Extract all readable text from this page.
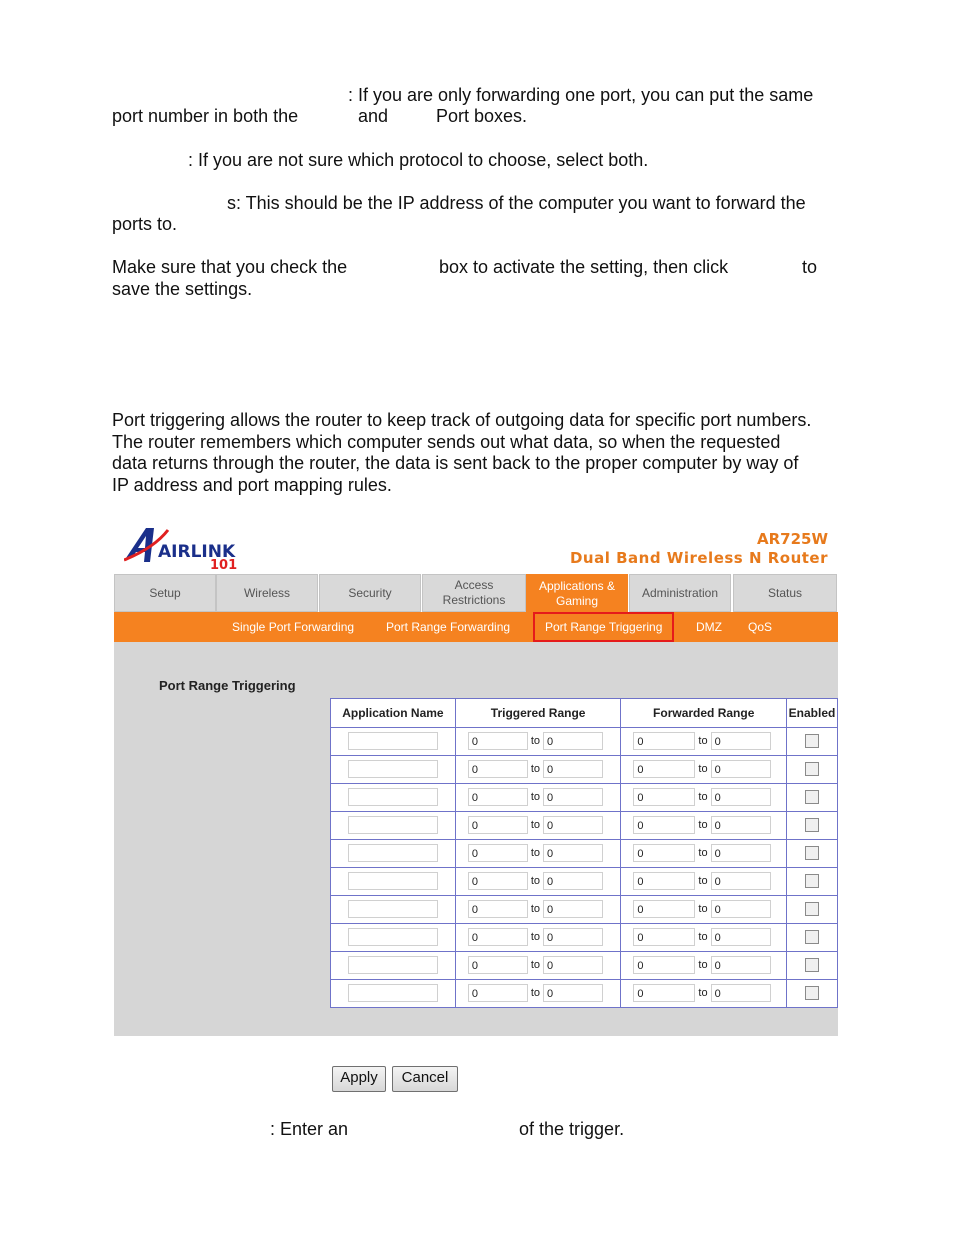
: If you are only forwarding one port, you can put the same
port number in both the	and	Port boxes.
: If you are not sure which protocol to choose, select both.
s: This should be the IP address of the computer you want to forward the
ports to.
Make sure that you check the	box to activate the setting, then click	to
save the settings.
Port triggering allows the router to keep track of outgoing data for specific port numbers.
The router remembers which computer sends out what data, so when the requested
data returns through the router, the data is sent back to the proper computer by way of
IP address and port mapping rules.
AIRLINK
101
AR725W
Dual Band Wireless N Router
Setup	Wireless	Security
Access Restrictions
Applications & Gaming
Administration	Status
Single Port Forwarding	Port Range Forwarding	Port Range Triggering	DMZ QoS
Port Range Triggering
Application Name	Triggered Range	Forwarded Range	Enabled
	0 to 0	0 to 0	
	0 to 0	0 to 0	
	0 to 0	0 to 0	
	0 to 0	0 to 0	
	0 to 0	0 to 0	
	0 to 0	0 to 0	
	0 to 0	0 to 0	
	0 to 0	0 to 0	
	0 to 0	0 to 0	
	0 to 0	0 to 0	
Apply	Cancel
: Enter an	of the trigger.
